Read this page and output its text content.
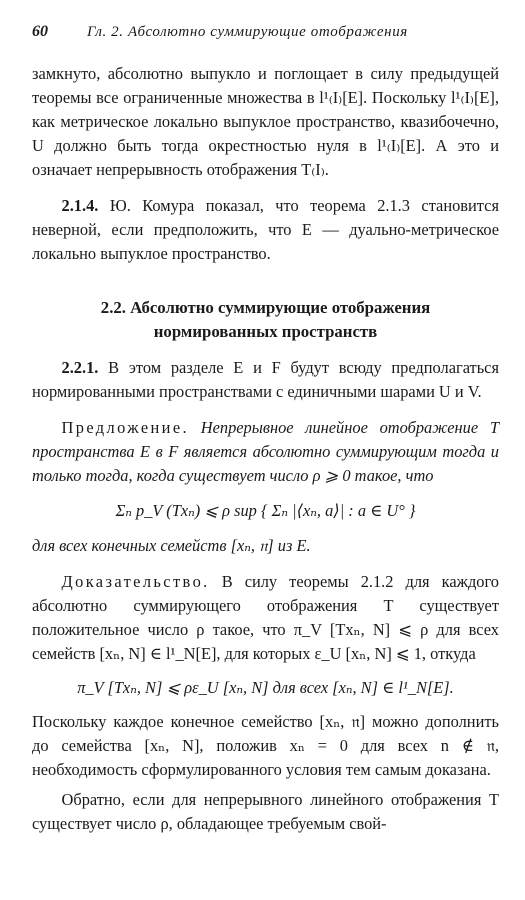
60	Гл. 2. Абсолютно суммирующие отображения

замкнуто, абсолютно выпукло и поглощает в силу предыдущей теоремы все ограниченные множества в l¹₍I₎[E]. Поскольку l¹₍I₎[E], как метрическое локально выпуклое пространство, квазибочечно, U должно быть тогда окрестностью нуля в l¹₍I₎[E]. А это и означает непрерывность отображения T₍I₎.

2.1.4. Ю. Комура показал, что теорема 2.1.3 становится неверной, если предположить, что E — дуально-метрическое локально выпуклое пространство.

2.2. Абсолютно суммирующие отображения
нормированных пространств

2.2.1. В этом разделе E и F будут всюду предполагаться нормированными пространствами с единичными шарами U и V.

Предложение. Непрерывное линейное отображение T пространства E в F является абсолютно суммирующим тогда и только тогда, когда существует число ρ ⩾ 0 такое, что

Σₙ p_V (Txₙ) ⩽ ρ sup { Σₙ |⟨xₙ, a⟩| : a ∈ U° }

для всех конечных семейств [xₙ, 𝔫] из E.

Доказательство. В силу теоремы 2.1.2 для каждого абсолютно суммирующего отображения T существует положительное число ρ такое, что π_V [Txₙ, N] ⩽ ρ для всех семейств [xₙ, N] ∈ l¹_N[E], для которых ε_U [xₙ, N] ⩽ 1, откуда

π_V [Txₙ, N] ⩽ ρε_U [xₙ, N] для всех [xₙ, N] ∈ l¹_N[E].

Поскольку каждое конечное семейство [xₙ, 𝔫] можно дополнить до семейства [xₙ, N], положив xₙ = 0 для всех n ∉ 𝔫, необходимость сформулированного условия тем самым доказана.

Обратно, если для непрерывного линейного отображения T существует число ρ, обладающее требуемым свой-
